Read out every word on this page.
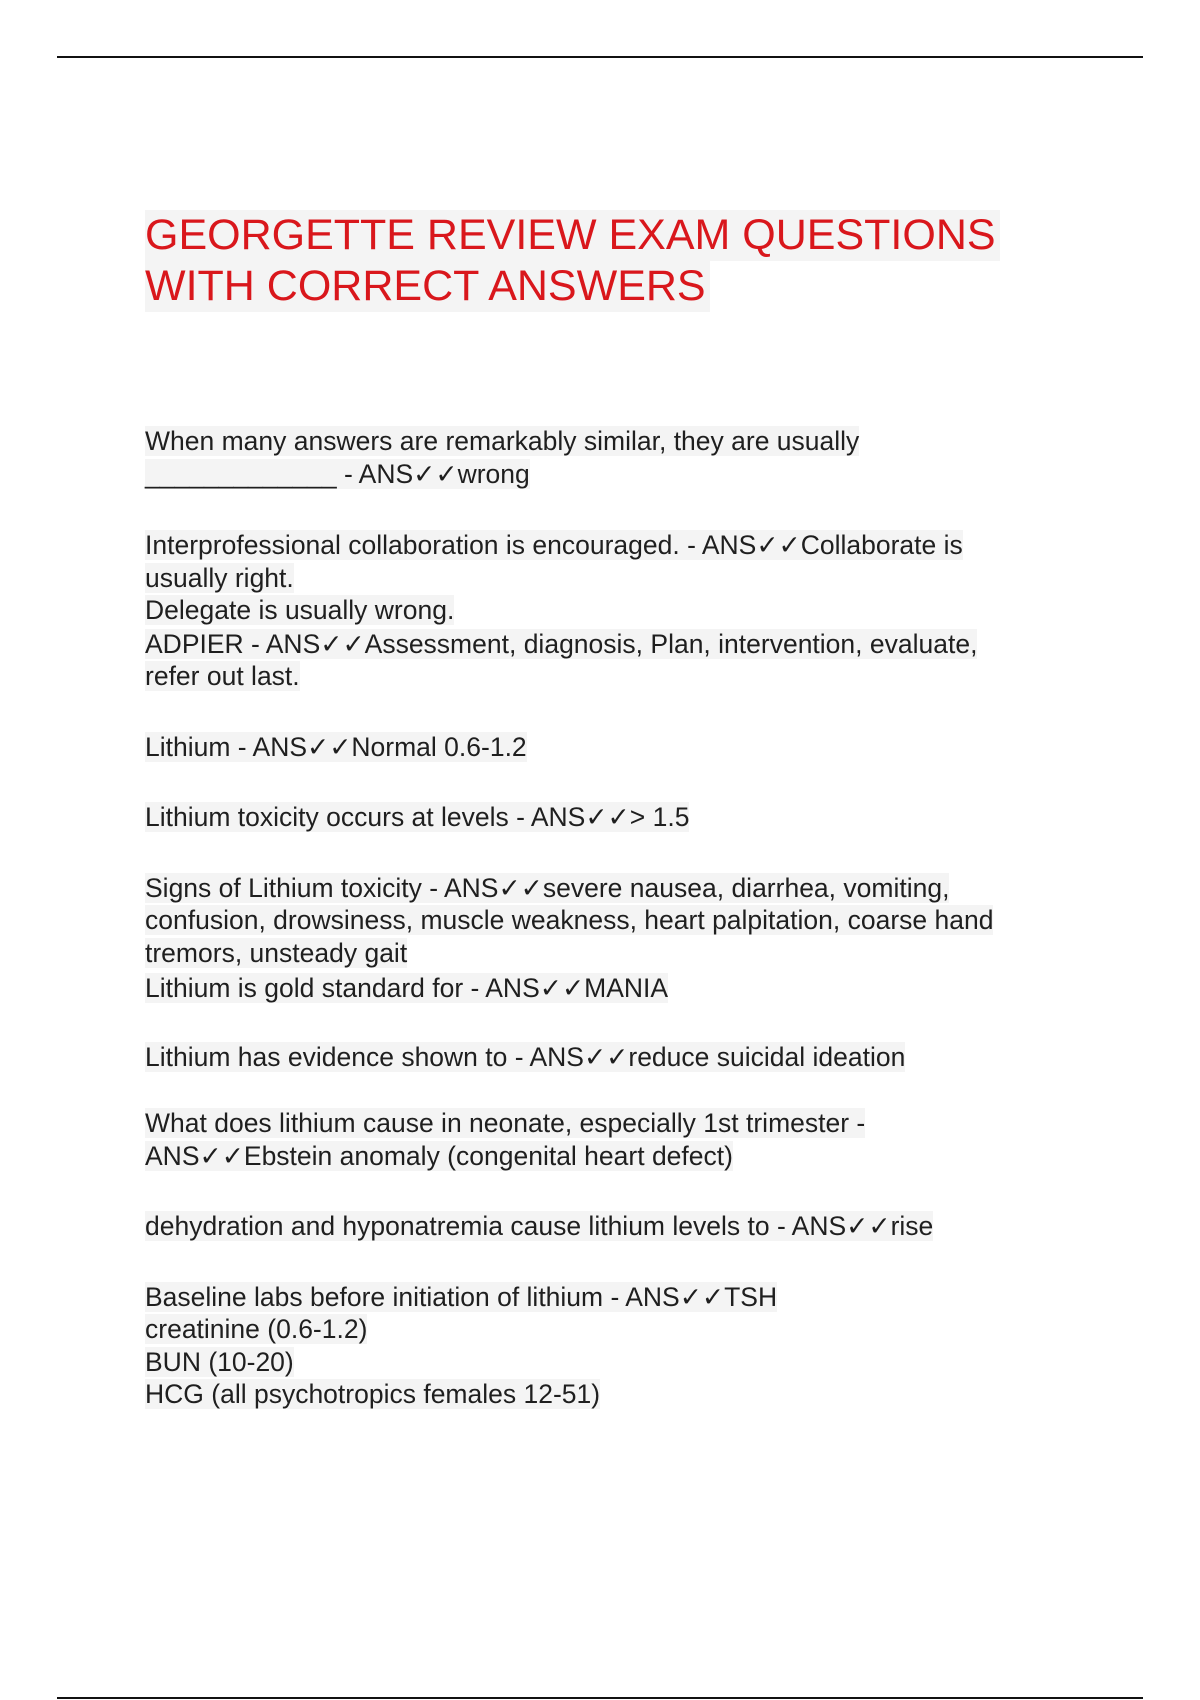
GEORGETTE REVIEW EXAM QUESTIONS
WITH CORRECT ANSWERS

When many answers are remarkably similar, they are usually
_____________ - ANS✓✓wrong

Interprofessional collaboration is encouraged. - ANS✓✓Collaborate is
usually right.
Delegate is usually wrong.

ADPIER - ANS✓✓Assessment, diagnosis, Plan, intervention, evaluate,
refer out last.

Lithium - ANS✓✓Normal 0.6-1.2

Lithium toxicity occurs at levels - ANS✓✓> 1.5

Signs of Lithium toxicity - ANS✓✓severe nausea, diarrhea, vomiting,
confusion, drowsiness, muscle weakness, heart palpitation, coarse hand
tremors, unsteady gait

Lithium is gold standard for - ANS✓✓MANIA

Lithium has evidence shown to - ANS✓✓reduce suicidal ideation

What does lithium cause in neonate, especially 1st trimester -
ANS✓✓Ebstein anomaly (congenital heart defect)

dehydration and hyponatremia cause lithium levels to - ANS✓✓rise

Baseline labs before initiation of lithium - ANS✓✓TSH
creatinine (0.6-1.2)
BUN (10-20)
HCG (all psychotropics females 12-51)
